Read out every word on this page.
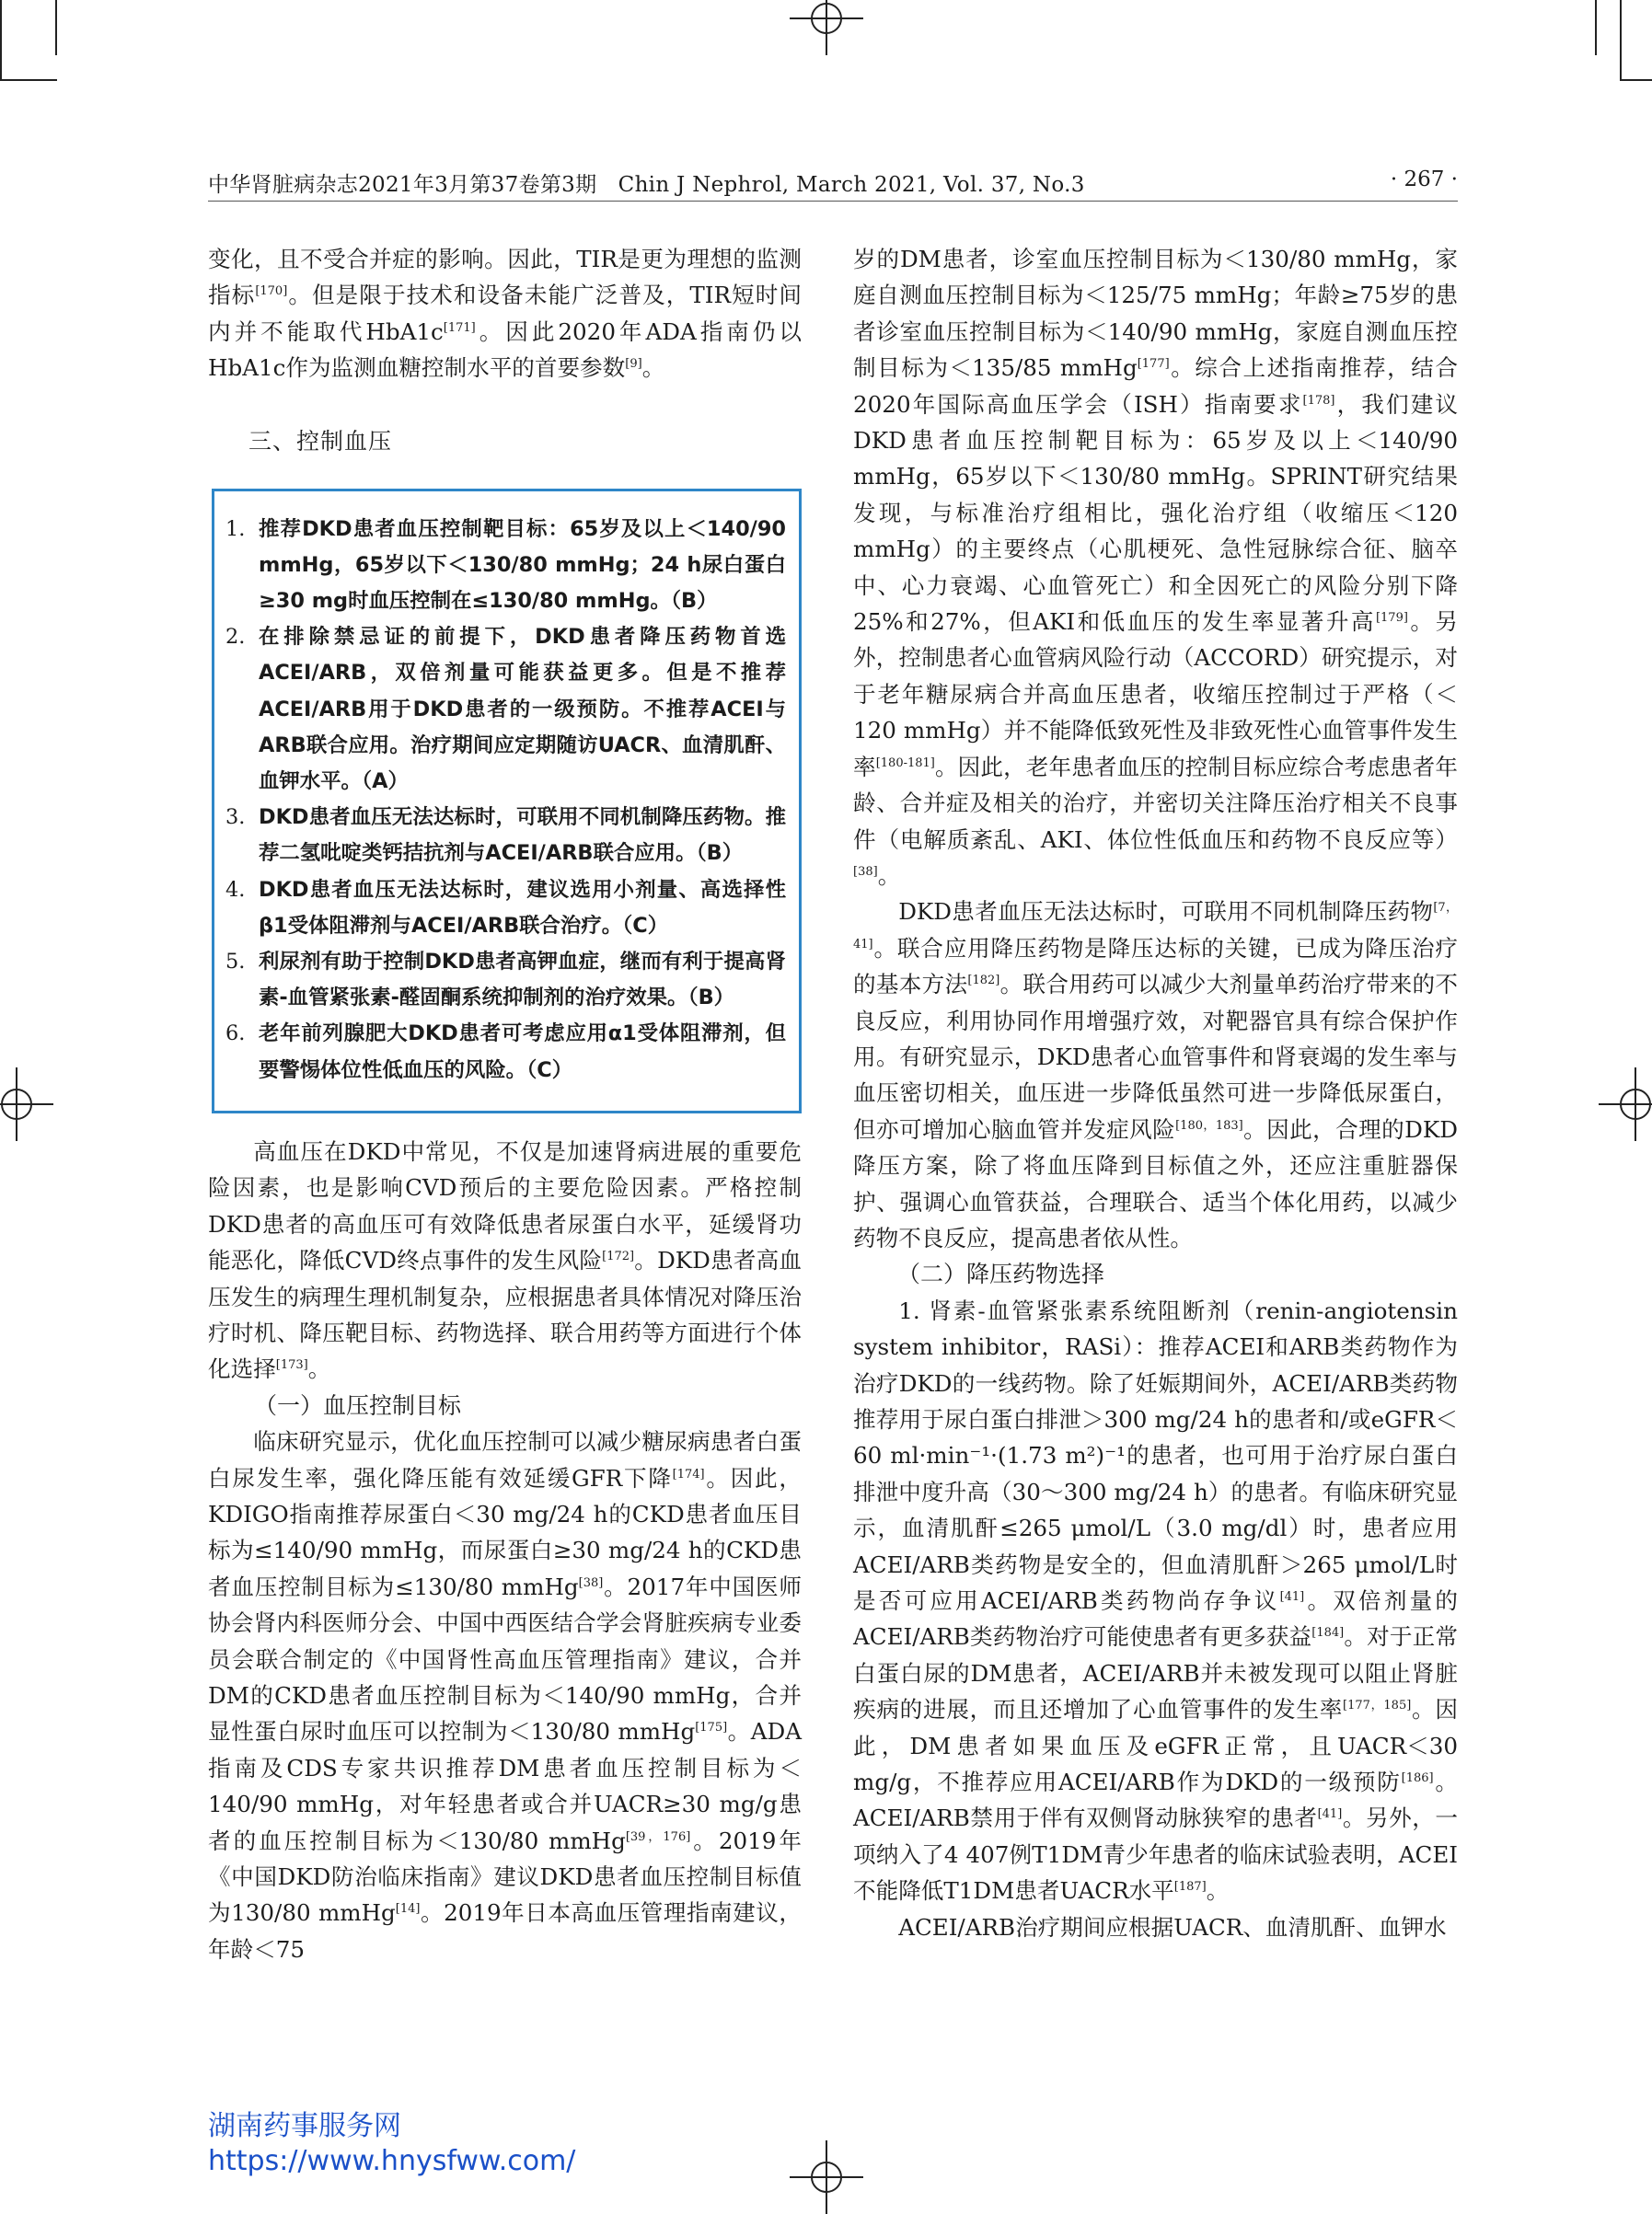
中华肾脏病杂志2021年3月第37卷第3期　Chin J Nephrol, March 2021, Vol. 37, No.3	· 267 ·

变化，且不受合并症的影响。因此，TIR是更为理想的监测指标[170]。但是限于技术和设备未能广泛普及，TIR短时间内并不能取代HbA1c[171]。因此2020年ADA指南仍以HbA1c作为监测血糖控制水平的首要参数[9]。

三、控制血压
1. 推荐DKD患者血压控制靶目标：65岁及以上＜140/90 mmHg，65岁以下＜130/80 mmHg；24 h尿白蛋白≥30 mg时血压控制在≤130/80 mmHg。（B）
2. 在排除禁忌证的前提下，DKD患者降压药物首选ACEI/ARB，双倍剂量可能获益更多。但是不推荐ACEI/ARB用于DKD患者的一级预防。不推荐ACEI与ARB联合应用。治疗期间应定期随访UACR、血清肌酐、血钾水平。（A）
3. DKD患者血压无法达标时，可联用不同机制降压药物。推荐二氢吡啶类钙拮抗剂与ACEI/ARB联合应用。（B）
4. DKD患者血压无法达标时，建议选用小剂量、高选择性β1受体阻滞剂与ACEI/ARB联合治疗。（C）
5. 利尿剂有助于控制DKD患者高钾血症，继而有利于提高肾素-血管紧张素-醛固酮系统抑制剂的治疗效果。（B）
6. 老年前列腺肥大DKD患者可考虑应用α1受体阻滞剂，但要警惕体位性低血压的风险。（C）

高血压在DKD中常见，不仅是加速肾病进展的重要危险因素，也是影响CVD预后的主要危险因素。严格控制DKD患者的高血压可有效降低患者尿蛋白水平，延缓肾功能恶化，降低CVD终点事件的发生风险[172]。DKD患者高血压发生的病理生理机制复杂，应根据患者具体情况对降压治疗时机、降压靶目标、药物选择、联合用药等方面进行个体化选择[173]。

（一）血压控制目标

临床研究显示，优化血压控制可以减少糖尿病患者白蛋白尿发生率，强化降压能有效延缓GFR下降[174]。因此，KDIGO指南推荐尿蛋白＜30 mg/24 h的CKD患者血压目标为≤140/90 mmHg，而尿蛋白≥30 mg/24 h的CKD患者血压控制目标为≤130/80 mmHg[38]。2017年中国医师协会肾内科医师分会、中国中西医结合学会肾脏疾病专业委员会联合制定的《中国肾性高血压管理指南》建议，合并DM的CKD患者血压控制目标为＜140/90 mmHg，合并显性蛋白尿时血压可以控制为＜130/80 mmHg[175]。ADA指南及CDS专家共识推荐DM患者血压控制目标为＜140/90 mmHg，对年轻患者或合并UACR≥30 mg/g患者的血压控制目标为＜130/80 mmHg[39，176]。2019年《中国DKD防治临床指南》建议DKD患者血压控制目标值为130/80 mmHg[14]。2019年日本高血压管理指南建议，年龄＜75

岁的DM患者，诊室血压控制目标为＜130/80 mmHg，家庭自测血压控制目标为＜125/75 mmHg；年龄≥75岁的患者诊室血压控制目标为＜140/90 mmHg，家庭自测血压控制目标为＜135/85 mmHg[177]。综合上述指南推荐，结合2020年国际高血压学会（ISH）指南要求[178]，我们建议DKD患者血压控制靶目标为：65岁及以上＜140/90 mmHg，65岁以下＜130/80 mmHg。SPRINT研究结果发现，与标准治疗组相比，强化治疗组（收缩压＜120 mmHg）的主要终点（心肌梗死、急性冠脉综合征、脑卒中、心力衰竭、心血管死亡）和全因死亡的风险分别下降25%和27%，但AKI和低血压的发生率显著升高[179]。另外，控制患者心血管病风险行动（ACCORD）研究提示，对于老年糖尿病合并高血压患者，收缩压控制过于严格（＜120 mmHg）并不能降低致死性及非致死性心血管事件发生率[180-181]。因此，老年患者血压的控制目标应综合考虑患者年龄、合并症及相关的治疗，并密切关注降压治疗相关不良事件（电解质紊乱、AKI、体位性低血压和药物不良反应等）[38]。

DKD患者血压无法达标时，可联用不同机制降压药物[7，41]。联合应用降压药物是降压达标的关键，已成为降压治疗的基本方法[182]。联合用药可以减少大剂量单药治疗带来的不良反应，利用协同作用增强疗效，对靶器官具有综合保护作用。有研究显示，DKD患者心血管事件和肾衰竭的发生率与血压密切相关，血压进一步降低虽然可进一步降低尿蛋白，但亦可增加心脑血管并发症风险[180，183]。因此，合理的DKD降压方案，除了将血压降到目标值之外，还应注重脏器保护、强调心血管获益，合理联合、适当个体化用药，以减少药物不良反应，提高患者依从性。

（二）降压药物选择

1. 肾素-血管紧张素系统阻断剂（renin-angiotensin system inhibitor，RASi）：推荐ACEI和ARB类药物作为治疗DKD的一线药物。除了妊娠期间外，ACEI/ARB类药物推荐用于尿白蛋白排泄＞300 mg/24 h的患者和/或eGFR＜60 ml·min⁻¹·(1.73 m²)⁻¹的患者，也可用于治疗尿白蛋白排泄中度升高（30～300 mg/24 h）的患者。有临床研究显示，血清肌酐≤265 μmol/L（3.0 mg/dl）时，患者应用ACEI/ARB类药物是安全的，但血清肌酐＞265 μmol/L时是否可应用ACEI/ARB类药物尚存争议[41]。双倍剂量的ACEI/ARB类药物治疗可能使患者有更多获益[184]。对于正常白蛋白尿的DM患者，ACEI/ARB并未被发现可以阻止肾脏疾病的进展，而且还增加了心血管事件的发生率[177，185]。因此，DM患者如果血压及eGFR正常，且UACR＜30 mg/g，不推荐应用ACEI/ARB作为DKD的一级预防[186]。ACEI/ARB禁用于伴有双侧肾动脉狭窄的患者[41]。另外，一项纳入了4 407例T1DM青少年患者的临床试验表明，ACEI不能降低T1DM患者UACR水平[187]。

ACEI/ARB治疗期间应根据UACR、血清肌酐、血钾水

湖南药事服务网
https://www.hnysfww.com/
